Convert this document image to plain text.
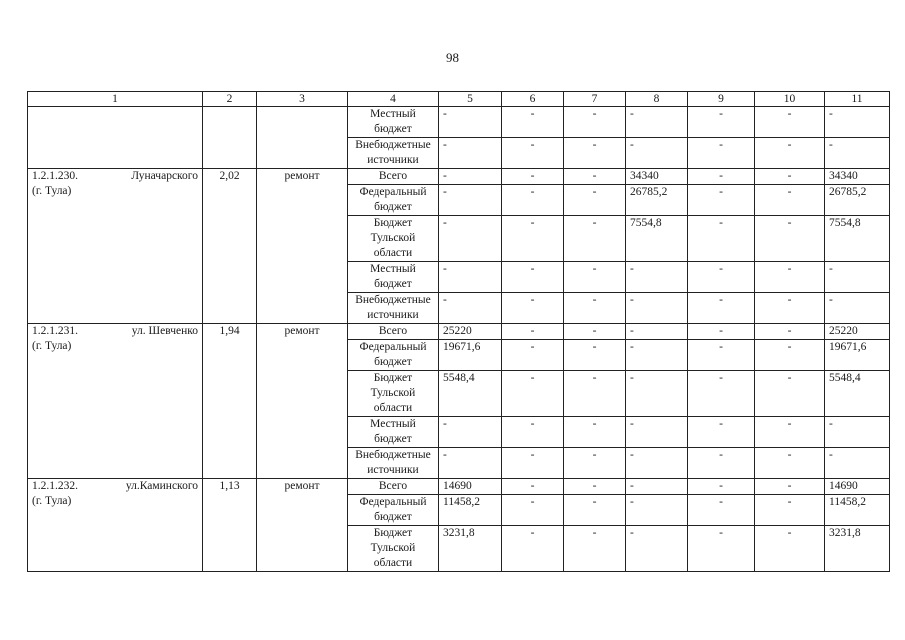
98
1	2	3	4	5	6	7	8	9	10	11
			Местный бюджет	-	-	-	-	-	-	-
			Внебюджетные источники	-	-	-	-	-	-	-

1.2.1.230. Луначарского
(г. Тула)	2,02	ремонт	Всего	-	-	-	34340	-	-	34340
			Федеральный бюджет	-	-	-	26785,2	-	-	26785,2
			Бюджет Тульской области	-	-	-	7554,8	-	-	7554,8
			Местный бюджет	-	-	-	-	-	-	-
			Внебюджетные источники	-	-	-	-	-	-	-

1.2.1.231. ул. Шевченко
(г. Тула)	1,94	ремонт	Всего	25220	-	-	-	-	-	25220
			Федеральный бюджет	19671,6	-	-	-	-	-	19671,6
			Бюджет Тульской области	5548,4	-	-	-	-	-	5548,4
			Местный бюджет	-	-	-	-	-	-	-
			Внебюджетные источники	-	-	-	-	-	-	-

1.2.1.232. ул.Каминского
(г. Тула)	1,13	ремонт	Всего	14690	-	-	-	-	-	14690
			Федеральный бюджет	11458,2	-	-	-	-	-	11458,2
			Бюджет Тульской области	3231,8	-	-	-	-	-	3231,8
